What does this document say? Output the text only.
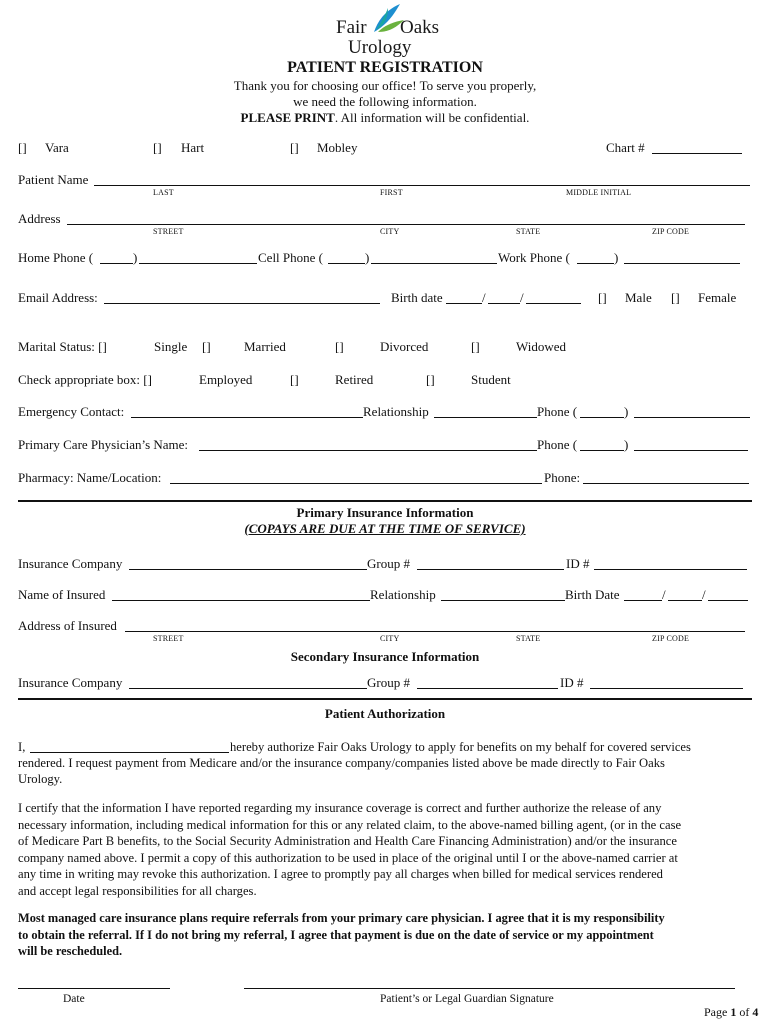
Fair Oaks
Urology
PATIENT REGISTRATION
Thank you for choosing our office! To serve you properly,
we need the following information.
PLEASE PRINT. All information will be confidential.
[] Vara	[] Hart	[] Mobley	Chart #
Patient Name
LAST	FIRST	MIDDLE INITIAL
Address
STREET	CITY	STATE	ZIP CODE
Home Phone (	)	Cell Phone (	)	Work Phone (	)
Email Address:	Birth date	/	/	[] Male [] Female
Marital Status: []	Single []	Married	[]	Divorced	[]	Widowed
Check appropriate box: []	Employed	[]	Retired	[]	Student
Emergency Contact:	Relationship	Phone (	)
Primary Care Physician’s Name:	Phone (	)
Pharmacy: Name/Location:	Phone:
Primary Insurance Information
(COPAYS ARE DUE AT THE TIME OF SERVICE)
Insurance Company	Group #	ID #
Name of Insured	Relationship	Birth Date	/	/
Address of Insured
STREET	CITY	STATE	ZIP CODE
Secondary Insurance Information
Insurance Company	Group #	ID #
Patient Authorization
I,	hereby authorize Fair Oaks Urology to apply for benefits on my behalf for covered services
rendered. I request payment from Medicare and/or the insurance company/companies listed above be made directly to Fair Oaks
Urology.
I certify that the information I have reported regarding my insurance coverage is correct and further authorize the release of any
necessary information, including medical information for this or any related claim, to the above-named billing agent, (or in the case
of Medicare Part B benefits, to the Social Security Administration and Health Care Financing Administration) and/or the insurance
company named above. I permit a copy of this authorization to be used in place of the original until I or the above-named carrier at
any time in writing may revoke this authorization. I agree to promptly pay all charges when billed for medical services rendered
and accept legal responsibilities for all charges.
Most managed care insurance plans require referrals from your primary care physician. I agree that it is my responsibility
to obtain the referral. If I do not bring my referral, I agree that payment is due on the date of service or my appointment
will be rescheduled.
Date	Patient’s or Legal Guardian Signature
Page 1 of 4
